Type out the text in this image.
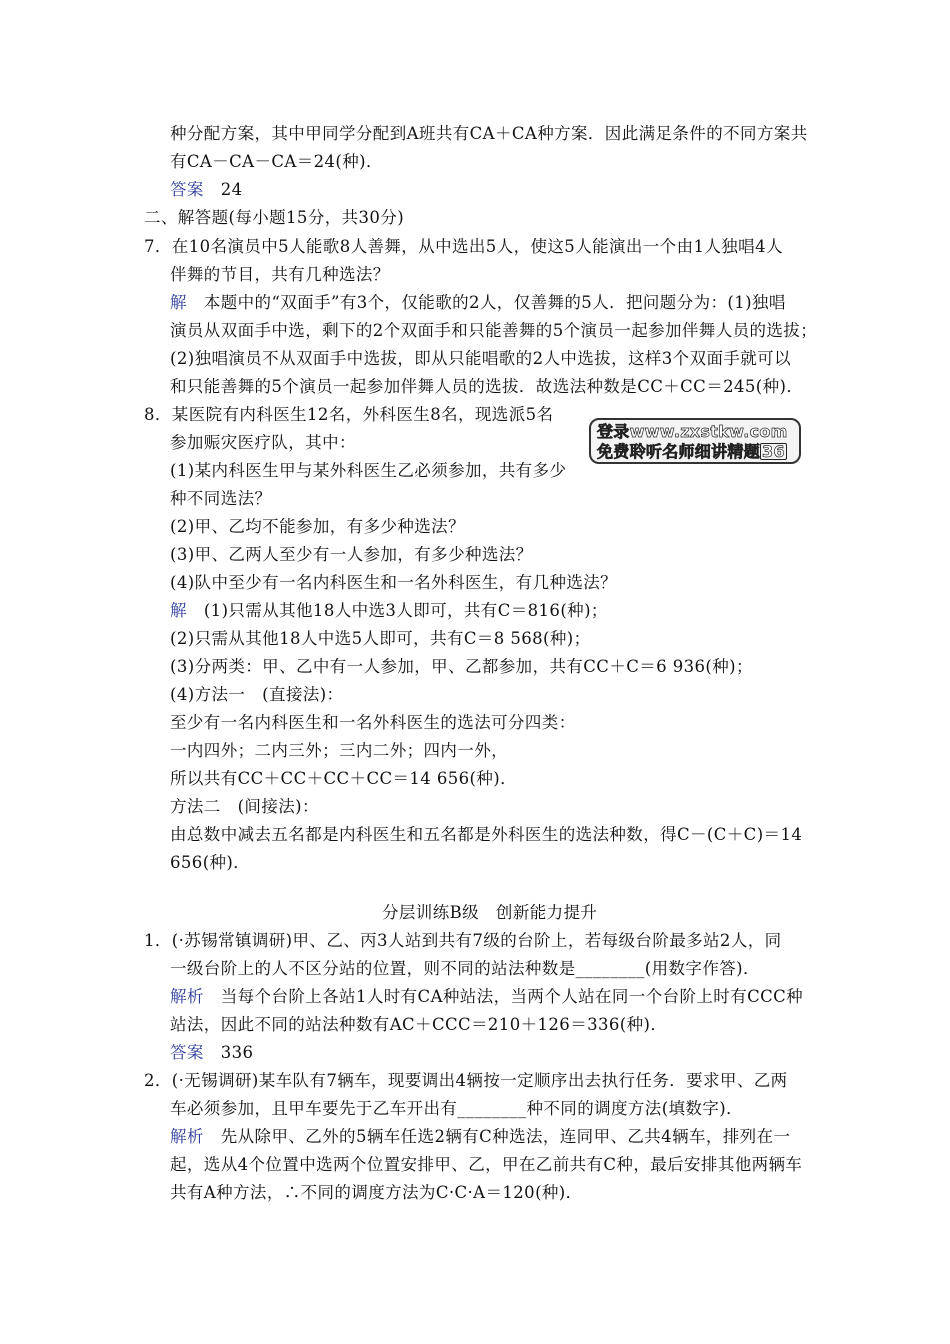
种分配方案，其中甲同学分配到A班共有CA＋CA种方案．因此满足条件的不同方案共
有CA－CA－CA＝24(种)．
答案 24
二、解答题(每小题15分，共30分)
7．在10名演员中5人能歌8人善舞，从中选出5人，使这5人能演出一个由1人独唱4人
伴舞的节目，共有几种选法？
解 本题中的“双面手”有3个，仅能歌的2人，仅善舞的5人．把问题分为：(1)独唱
演员从双面手中选，剩下的2个双面手和只能善舞的5个演员一起参加伴舞人员的选拔；
(2)独唱演员不从双面手中选拔，即从只能唱歌的2人中选拔，这样3个双面手就可以
和只能善舞的5个演员一起参加伴舞人员的选拔．故选法种数是CC＋CC＝245(种)．
8．某医院有内科医生12名，外科医生8名，现选派5名
参加赈灾医疗队，其中：
(1)某内科医生甲与某外科医生乙必须参加，共有多少
种不同选法？
(2)甲、乙均不能参加，有多少种选法？
(3)甲、乙两人至少有一人参加，有多少种选法？
(4)队中至少有一名内科医生和一名外科医生，有几种选法？
解 (1)只需从其他18人中选3人即可，共有C＝816(种)；
(2)只需从其他18人中选5人即可，共有C＝8 568(种)；
(3)分两类：甲、乙中有一人参加，甲、乙都参加，共有CC＋C＝6 936(种)；
(4)方法一　(直接法)：
至少有一名内科医生和一名外科医生的选法可分四类：
一内四外；二内三外；三内二外；四内一外，
所以共有CC＋CC＋CC＋CC＝14 656(种)．
方法二　(间接法)：
由总数中减去五名都是内科医生和五名都是外科医生的选法种数，得C－(C＋C)＝14
656(种)．
分层训练B级　创新能力提升
1．(·苏锡常镇调研)甲、乙、丙3人站到共有7级的台阶上，若每级台阶最多站2人，同
一级台阶上的人不区分站的位置，则不同的站法种数是________(用数字作答)．
解析 当每个台阶上各站1人时有CA种站法，当两个人站在同一个台阶上时有CCC种
站法，因此不同的站法种数有AC＋CCC＝210＋126＝336(种)．
答案 336
2．(·无锡调研)某车队有7辆车，现要调出4辆按一定顺序出去执行任务．要求甲、乙两
车必须参加，且甲车要先于乙车开出有________种不同的调度方法(填数字)．
解析 先从除甲、乙外的5辆车任选2辆有C种选法，连同甲、乙共4辆车，排列在一
起，选从4个位置中选两个位置安排甲、乙，甲在乙前共有C种，最后安排其他两辆车
共有A种方法，∴不同的调度方法为C·C·A＝120(种)．
登录www.zxstkw.com
免费聆听名师细讲精题 36
